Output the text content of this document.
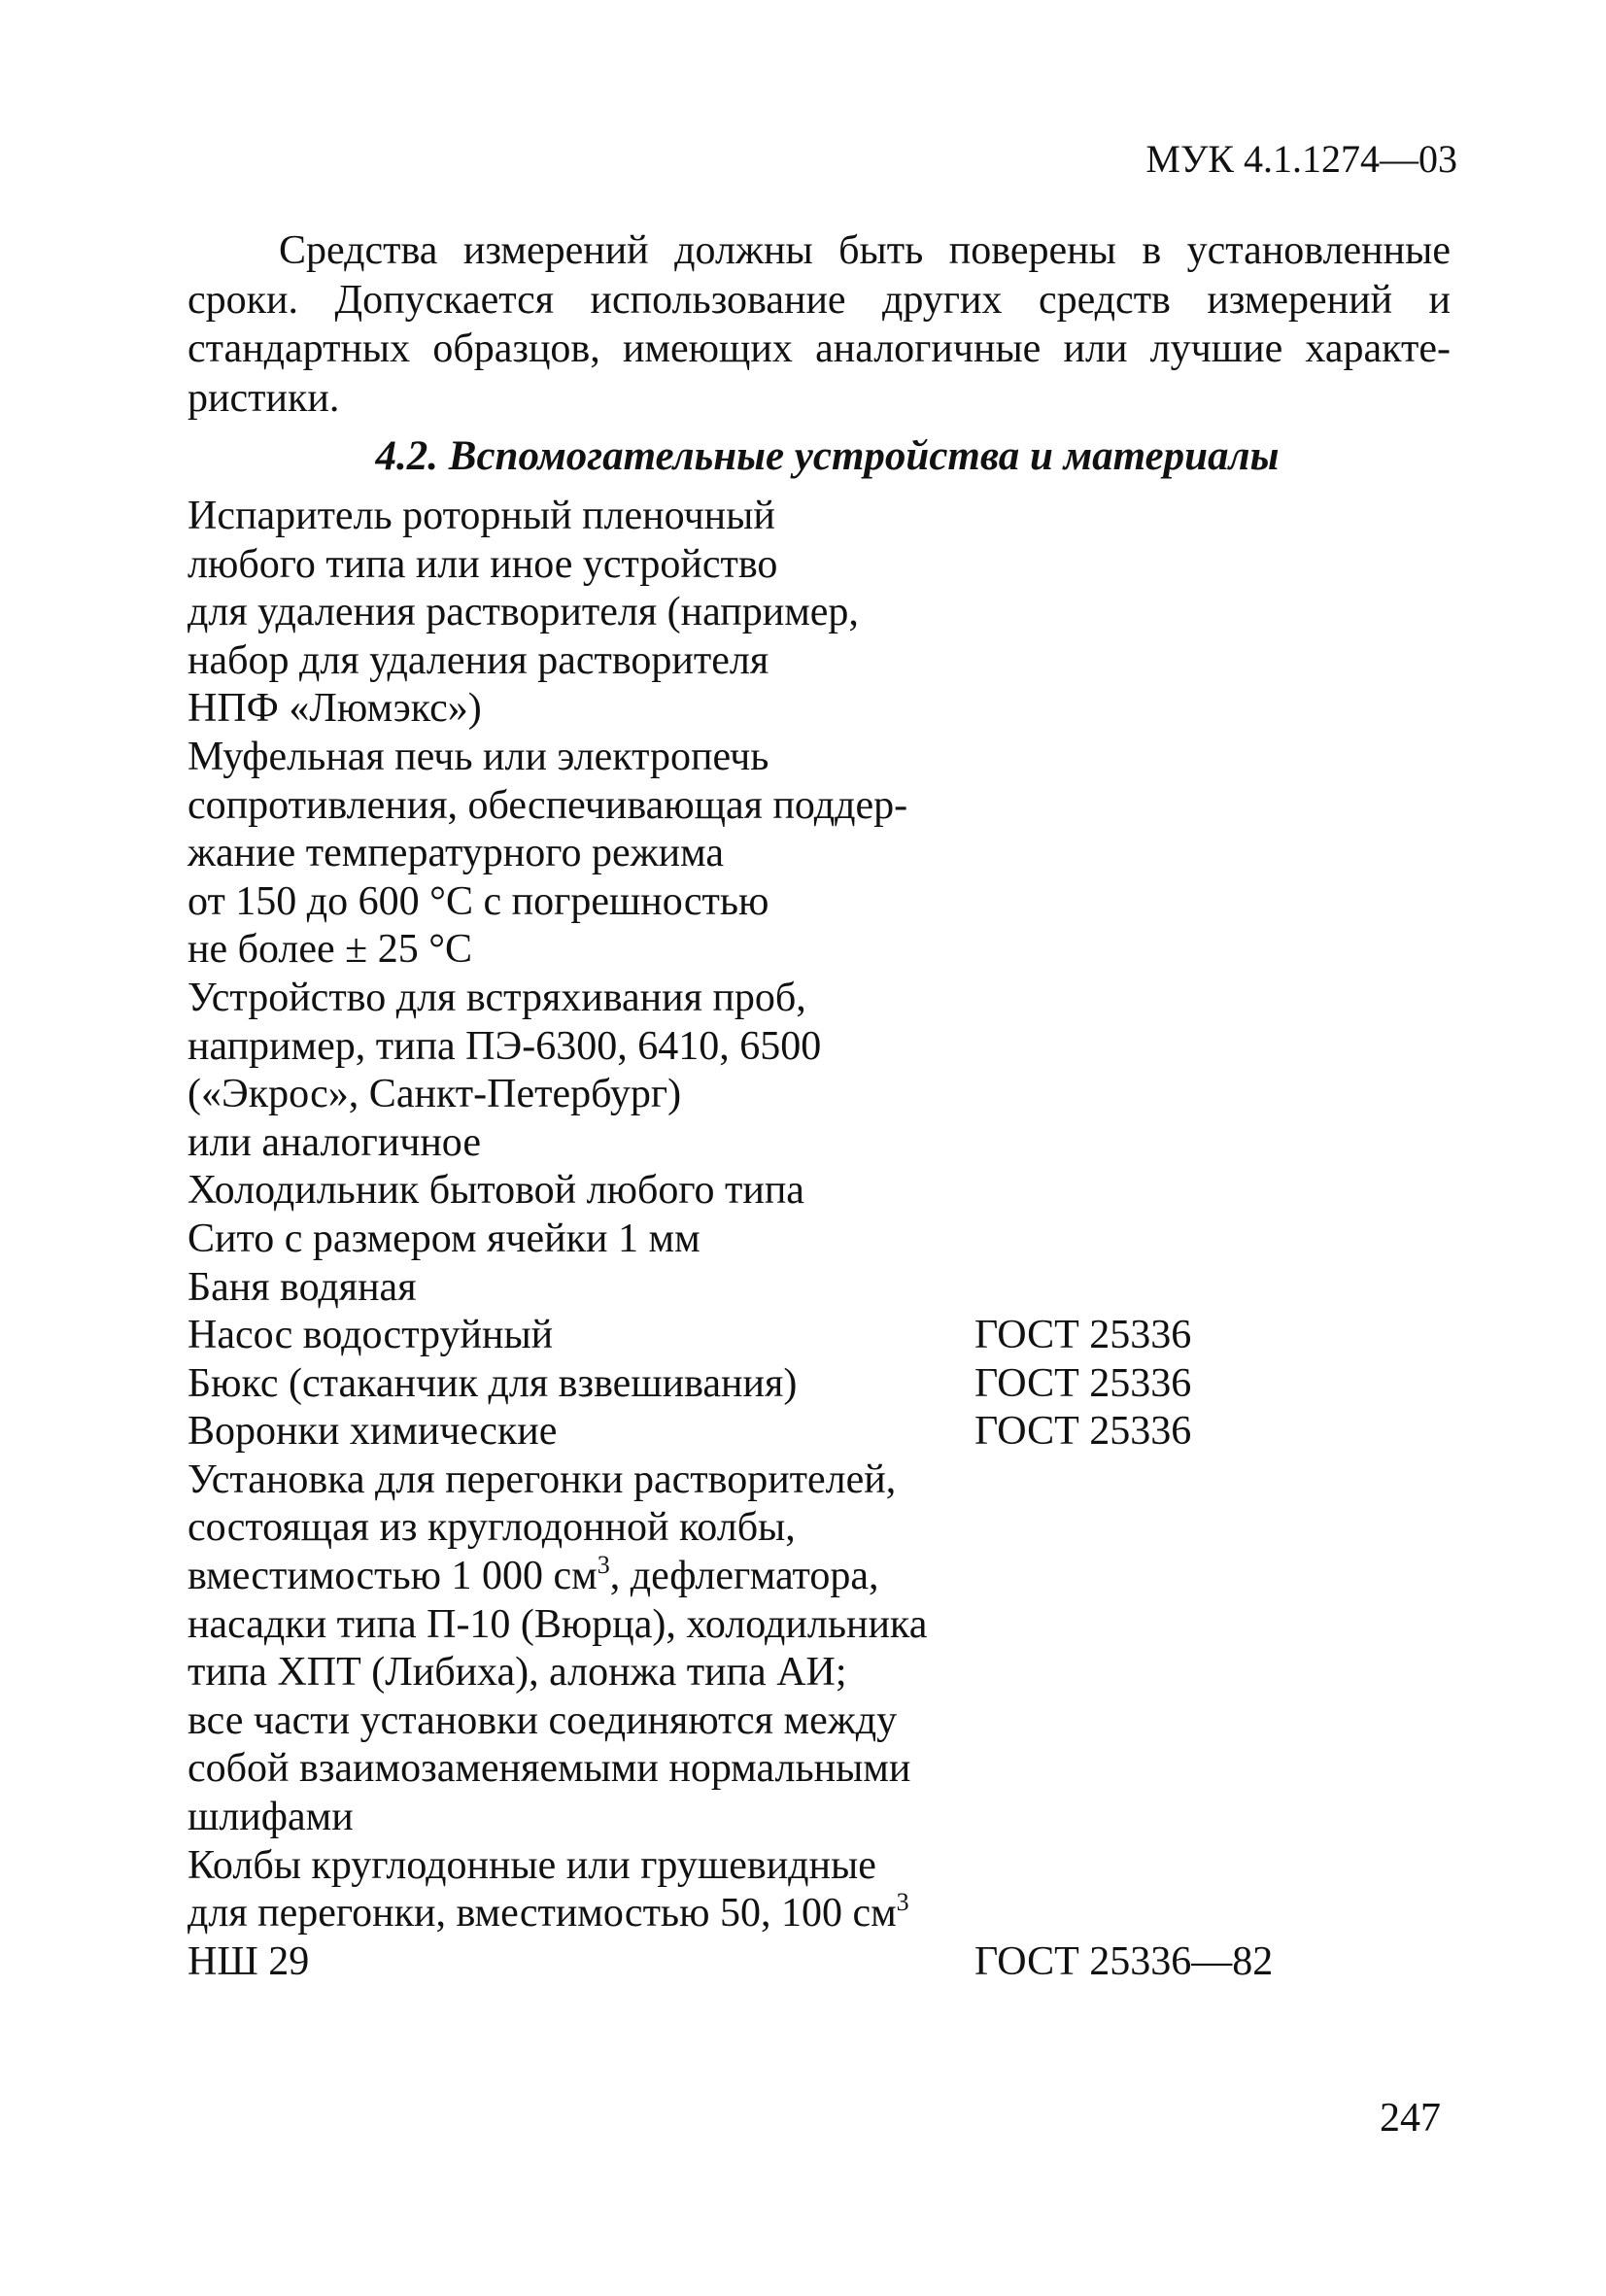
МУК 4.1.1274—03

Средства измерений должны быть поверены в установленные сроки. Допускается использование других средств измерений и стандартных образцов, имеющих аналогичные или лучшие характеристики.

4.2. Вспомогательные устройства и материалы
Испаритель роторный пленочный
любого типа или иное устройство
для удаления растворителя (например,
набор для удаления растворителя
НПФ «Люмэкс»)
Муфельная печь или электропечь
сопротивления, обеспечивающая поддер-
жание температурного режима
от 150 до 600 °С с погрешностью
не более ± 25 °С
Устройство для встряхивания проб,
например, типа ПЭ-6300, 6410, 6500
(«Экрос», Санкт-Петербург)
или аналогичное
Холодильник бытовой любого типа
Сито с размером ячейки 1 мм
Баня водяная
Насос водоструйный	ГОСТ 25336
Бюкс (стаканчик для взвешивания)	ГОСТ 25336
Воронки химические	ГОСТ 25336
Установка для перегонки растворителей,
состоящая из круглодонной колбы,
вместимостью 1 000 $см^3$, дефлегматора,
насадки типа П-10 (Вюрца), холодильника
типа ХПТ (Либиха), алонжа типа АИ;
все части установки соединяются между
собой взаимозаменяемыми нормальными
шлифами
Колбы круглодонные или грушевидные
для перегонки, вместимостью 50, 100 $см^3$
НШ 29	ГОСТ 25336—82
247
